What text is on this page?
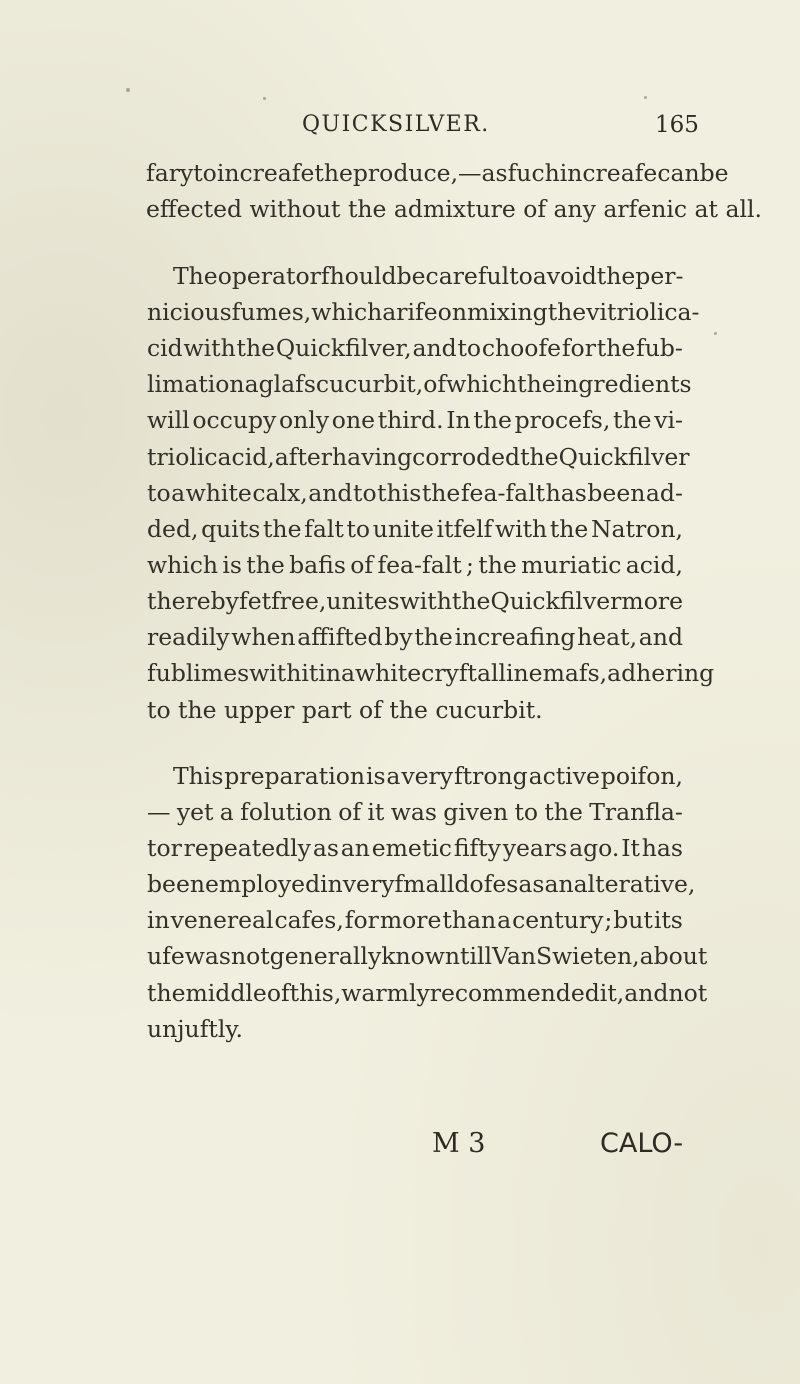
QUICKSILVER.	165
fary to increafe the produce,—as fuch increafe can be
effected without the admixture of any arfenic at all.
The operator fhould be careful to avoid the per-
nicious fumes, which arife on mixing the vitriolic a-
cid with the Quickfilver, and to choofe for the fub-
limation a glafs cucurbit, of which the ingredients
will occupy only one third. In the procefs, the vi-
triolic acid, after having corroded the Quickfilver
to a white calx, and to this the fea-falt has been ad-
ded, quits the falt to unite itfelf with the Natron,
which is the bafis of fea-falt ; the muriatic acid,
thereby fet free, unites with the Quickfilver more
readily when affifted by the increafing heat, and
fublimes with it in a white cryftalline mafs, adhering
to the upper part of the cucurbit.
This preparation is a very ftrong active poifon,
— yet a folution of it was given to the Tranfla-
tor repeatedly as an emetic fifty years ago. It has
been employed in very fmall dofes as an alterative,
in venereal cafes, for more than a century ; but its
ufe was not generally known till Van Swieten, about
the middle of this, warmly recommended it, and not
unjuftly.
M 3	CALO-
